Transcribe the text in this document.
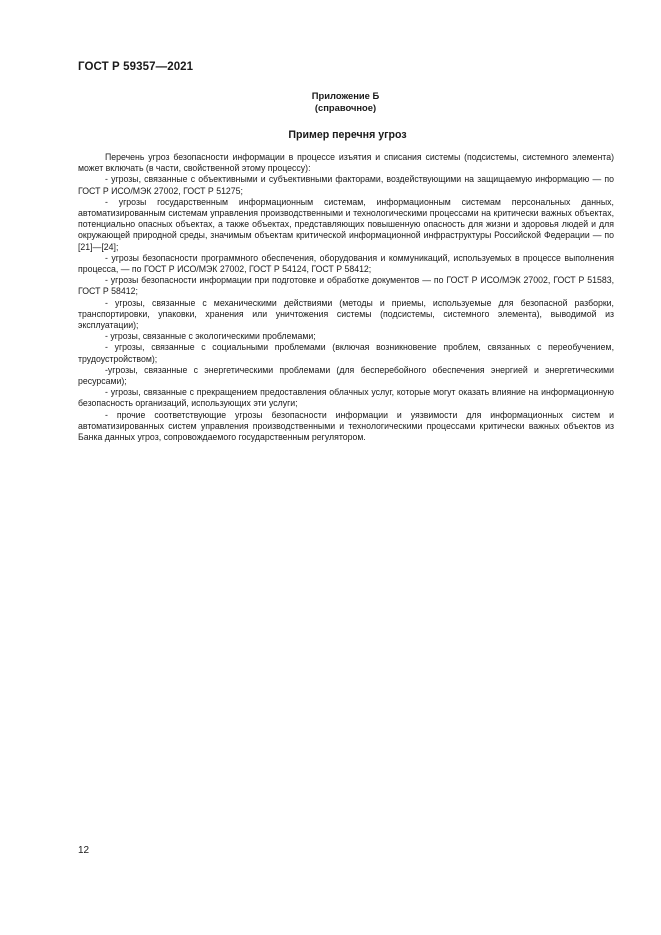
ГОСТ Р 59357—2021
Приложение Б
(справочное)
Пример перечня угроз

Перечень угроз безопасности информации в процессе изъятия и списания системы (подсистемы, системного элемента) может включать (в части, свойственной этому процессу):

- угрозы, связанные с объективными и субъективными факторами, воздействующими на защищаемую информацию — по ГОСТ Р ИСО/МЭК 27002, ГОСТ Р 51275;

- угрозы государственным информационным системам, информационным системам персональных данных, автоматизированным системам управления производственными и технологическими процессами на критически важных объектах, потенциально опасных объектах, а также объектах, представляющих повышенную опасность для жизни и здоровья людей и для окружающей природной среды, значимым объектам критической информационной инфраструктуры Российской Федерации — по [21]—[24];

- угрозы безопасности программного обеспечения, оборудования и коммуникаций, используемых в процессе выполнения процесса, — по ГОСТ Р ИСО/МЭК 27002, ГОСТ Р 54124, ГОСТ Р 58412;

- угрозы безопасности информации при подготовке и обработке документов — по ГОСТ Р ИСО/МЭК 27002, ГОСТ Р 51583, ГОСТ Р 58412;

- угрозы, связанные с механическими действиями (методы и приемы, используемые для безопасной разборки, транспортировки, упаковки, хранения или уничтожения системы (подсистемы, системного элемента), выводимой из эксплуатации);

- угрозы, связанные с экологическими проблемами;

- угрозы, связанные с социальными проблемами (включая возникновение проблем, связанных с переобучением, трудоустройством);

-угрозы, связанные с энергетическими проблемами (для бесперебойного обеспечения энергией и энергетическими ресурсами);

- угрозы, связанные с прекращением предоставления облачных услуг, которые могут оказать влияние на информационную безопасность организаций, использующих эти услуги;

- прочие соответствующие угрозы безопасности информации и уязвимости для информационных систем и автоматизированных систем управления производственными и технологическими процессами критически важных объектов из Банка данных угроз, сопровождаемого государственным регулятором.

12
